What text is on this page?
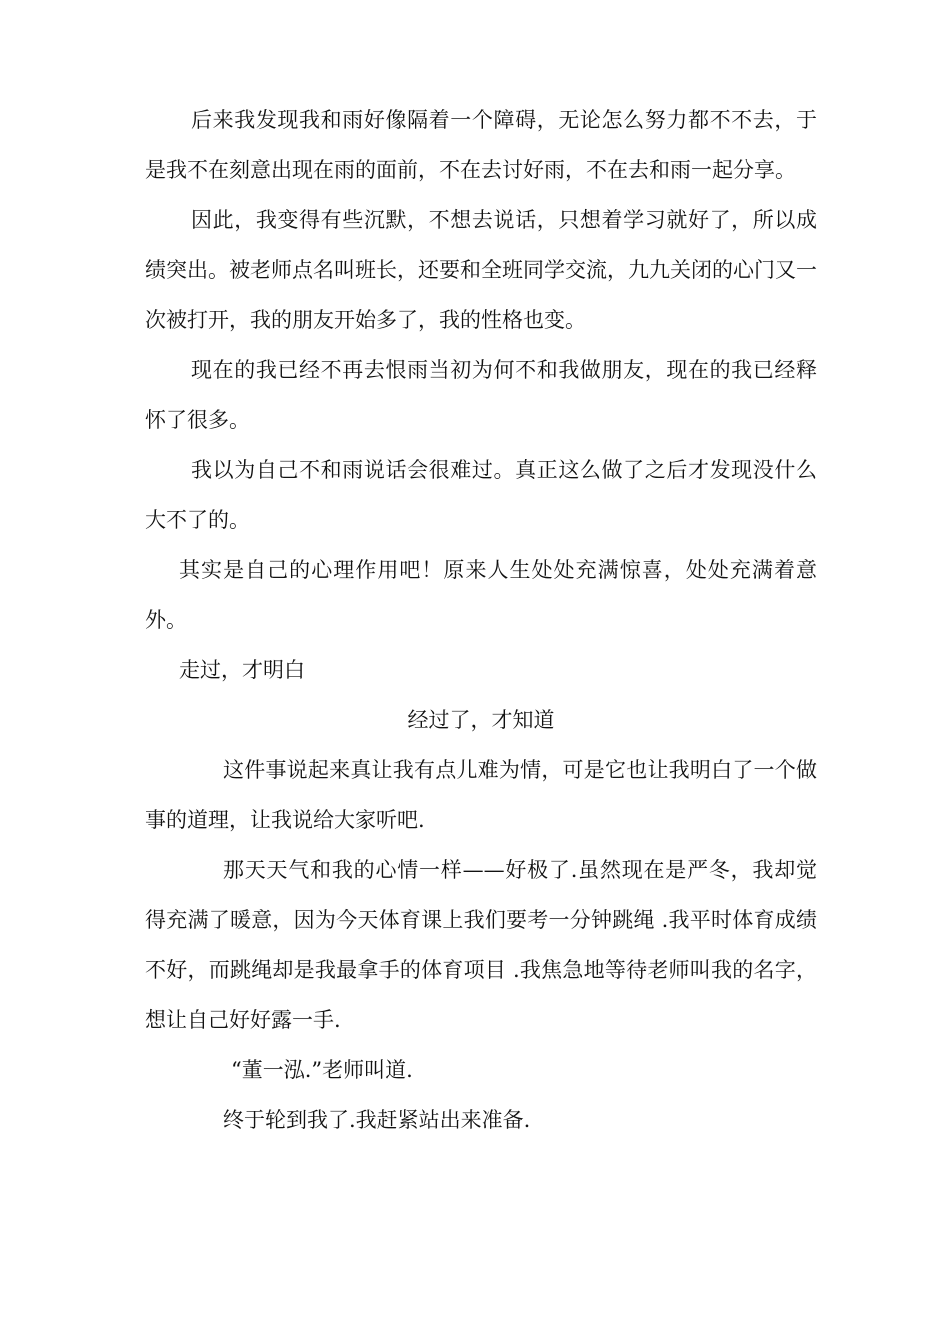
后来我发现我和雨好像隔着一个障碍，无论怎么努力都不不去，于是我不在刻意出现在雨的面前，不在去讨好雨，不在去和雨一起分享。

因此，我变得有些沉默，不想去说话，只想着学习就好了，所以成绩突出。被老师点名叫班长，还要和全班同学交流，九九关闭的心门又一次被打开，我的朋友开始多了，我的性格也变。

现在的我已经不再去恨雨当初为何不和我做朋友，现在的我已经释怀了很多。

我以为自己不和雨说话会很难过。真正这么做了之后才发现没什么大不了的。

其实是自己的心理作用吧！原来人生处处充满惊喜，处处充满着意外。

走过，才明白

经过了，才知道

这件事说起来真让我有点儿难为情，可是它也让我明白了一个做事的道理，让我说给大家听吧.

那天天气和我的心情一样——好极了.虽然现在是严冬，我却觉得充满了暖意，因为今天体育课上我们要考一分钟跳绳 .我平时体育成绩不好，而跳绳却是我最拿手的体育项目 .我焦急地等待老师叫我的名字，想让自己好好露一手.

“董一泓.”老师叫道.

终于轮到我了.我赶紧站出来准备.
